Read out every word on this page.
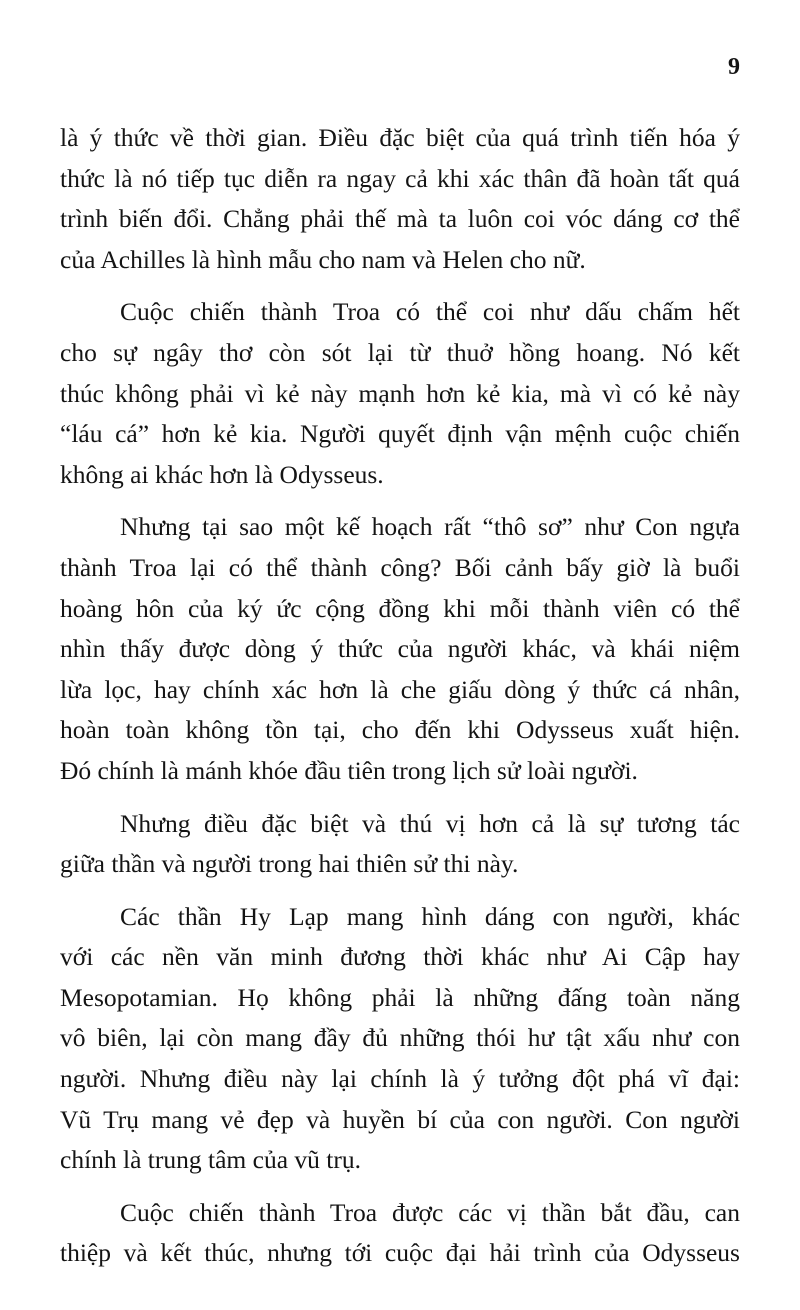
9
là ý thức về thời gian. Điều đặc biệt của quá trình tiến hóa ý
thức là nó tiếp tục diễn ra ngay cả khi xác thân đã hoàn tất quá
trình biến đổi. Chẳng phải thế mà ta luôn coi vóc dáng cơ thể
của Achilles là hình mẫu cho nam và Helen cho nữ.
Cuộc chiến thành Troa có thể coi như dấu chấm hết
cho sự ngây thơ còn sót lại từ thuở hồng hoang. Nó kết
thúc không phải vì kẻ này mạnh hơn kẻ kia, mà vì có kẻ này
“láu cá” hơn kẻ kia. Người quyết định vận mệnh cuộc chiến
không ai khác hơn là Odysseus.
Nhưng tại sao một kế hoạch rất “thô sơ” như Con ngựa
thành Troa lại có thể thành công? Bối cảnh bấy giờ là buổi
hoàng hôn của ký ức cộng đồng khi mỗi thành viên có thể
nhìn thấy được dòng ý thức của người khác, và khái niệm
lừa lọc, hay chính xác hơn là che giấu dòng ý thức cá nhân,
hoàn toàn không tồn tại, cho đến khi Odysseus xuất hiện.
Đó chính là mánh khóe đầu tiên trong lịch sử loài người.
Nhưng điều đặc biệt và thú vị hơn cả là sự tương tác
giữa thần và người trong hai thiên sử thi này.
Các thần Hy Lạp mang hình dáng con người, khác
với các nền văn minh đương thời khác như Ai Cập hay
Mesopotamian. Họ không phải là những đấng toàn năng
vô biên, lại còn mang đầy đủ những thói hư tật xấu như con
người. Nhưng điều này lại chính là ý tưởng đột phá vĩ đại:
Vũ Trụ mang vẻ đẹp và huyền bí của con người. Con người
chính là trung tâm của vũ trụ.
Cuộc chiến thành Troa được các vị thần bắt đầu, can
thiệp và kết thúc, nhưng tới cuộc đại hải trình của Odysseus
